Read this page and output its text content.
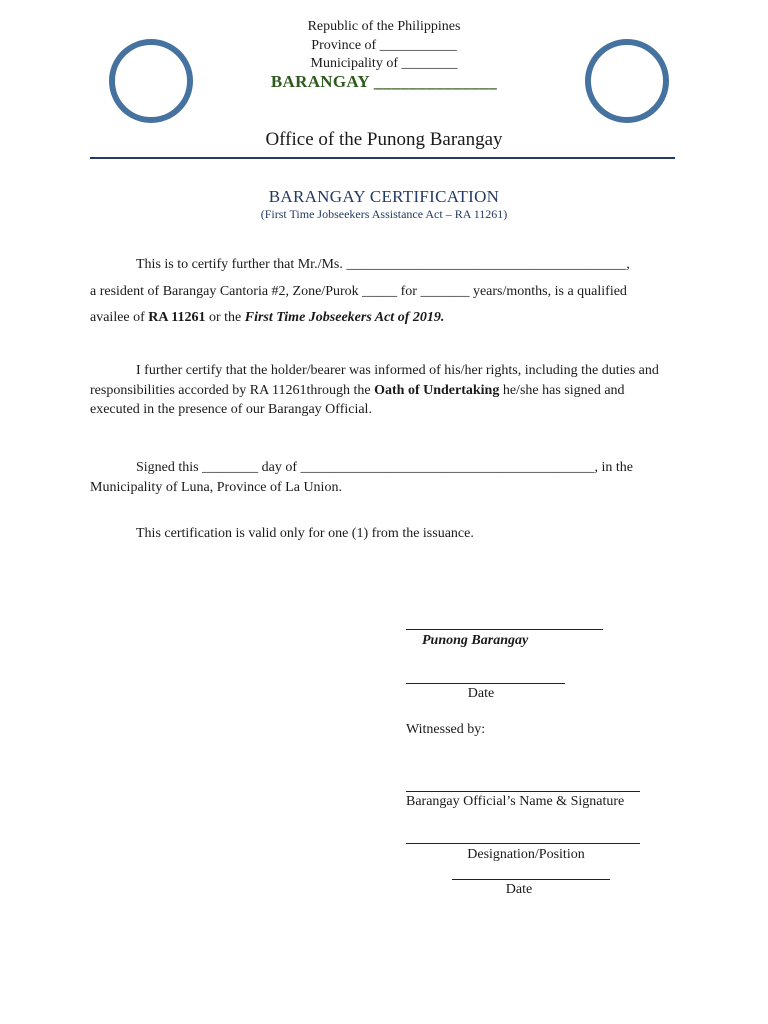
Republic of the Philippines
Province of ___________
Municipality of ________
BARANGAY ______________
Office of the Punong Barangay
BARANGAY CERTIFICATION
(First Time Jobseekers Assistance Act – RA 11261)
This is to certify further that Mr./Ms. ________________________________________,
a resident of Barangay Cantoria #2, Zone/Purok _____ for _______ years/months, is a qualified
availee of RA 11261 or the First Time Jobseekers Act of 2019.
I further certify that the holder/bearer was informed of his/her rights, including the duties and responsibilities accorded by RA 11261through the Oath of Undertaking he/she has signed and executed in the presence of our Barangay Official.
Signed this ________ day of __________________________________________, in the Municipality of Luna, Province of La Union.
This certification is valid only for one (1) from the issuance.
Punong Barangay
Date
Witnessed by:
Barangay Official’s Name & Signature
Designation/Position
Date
